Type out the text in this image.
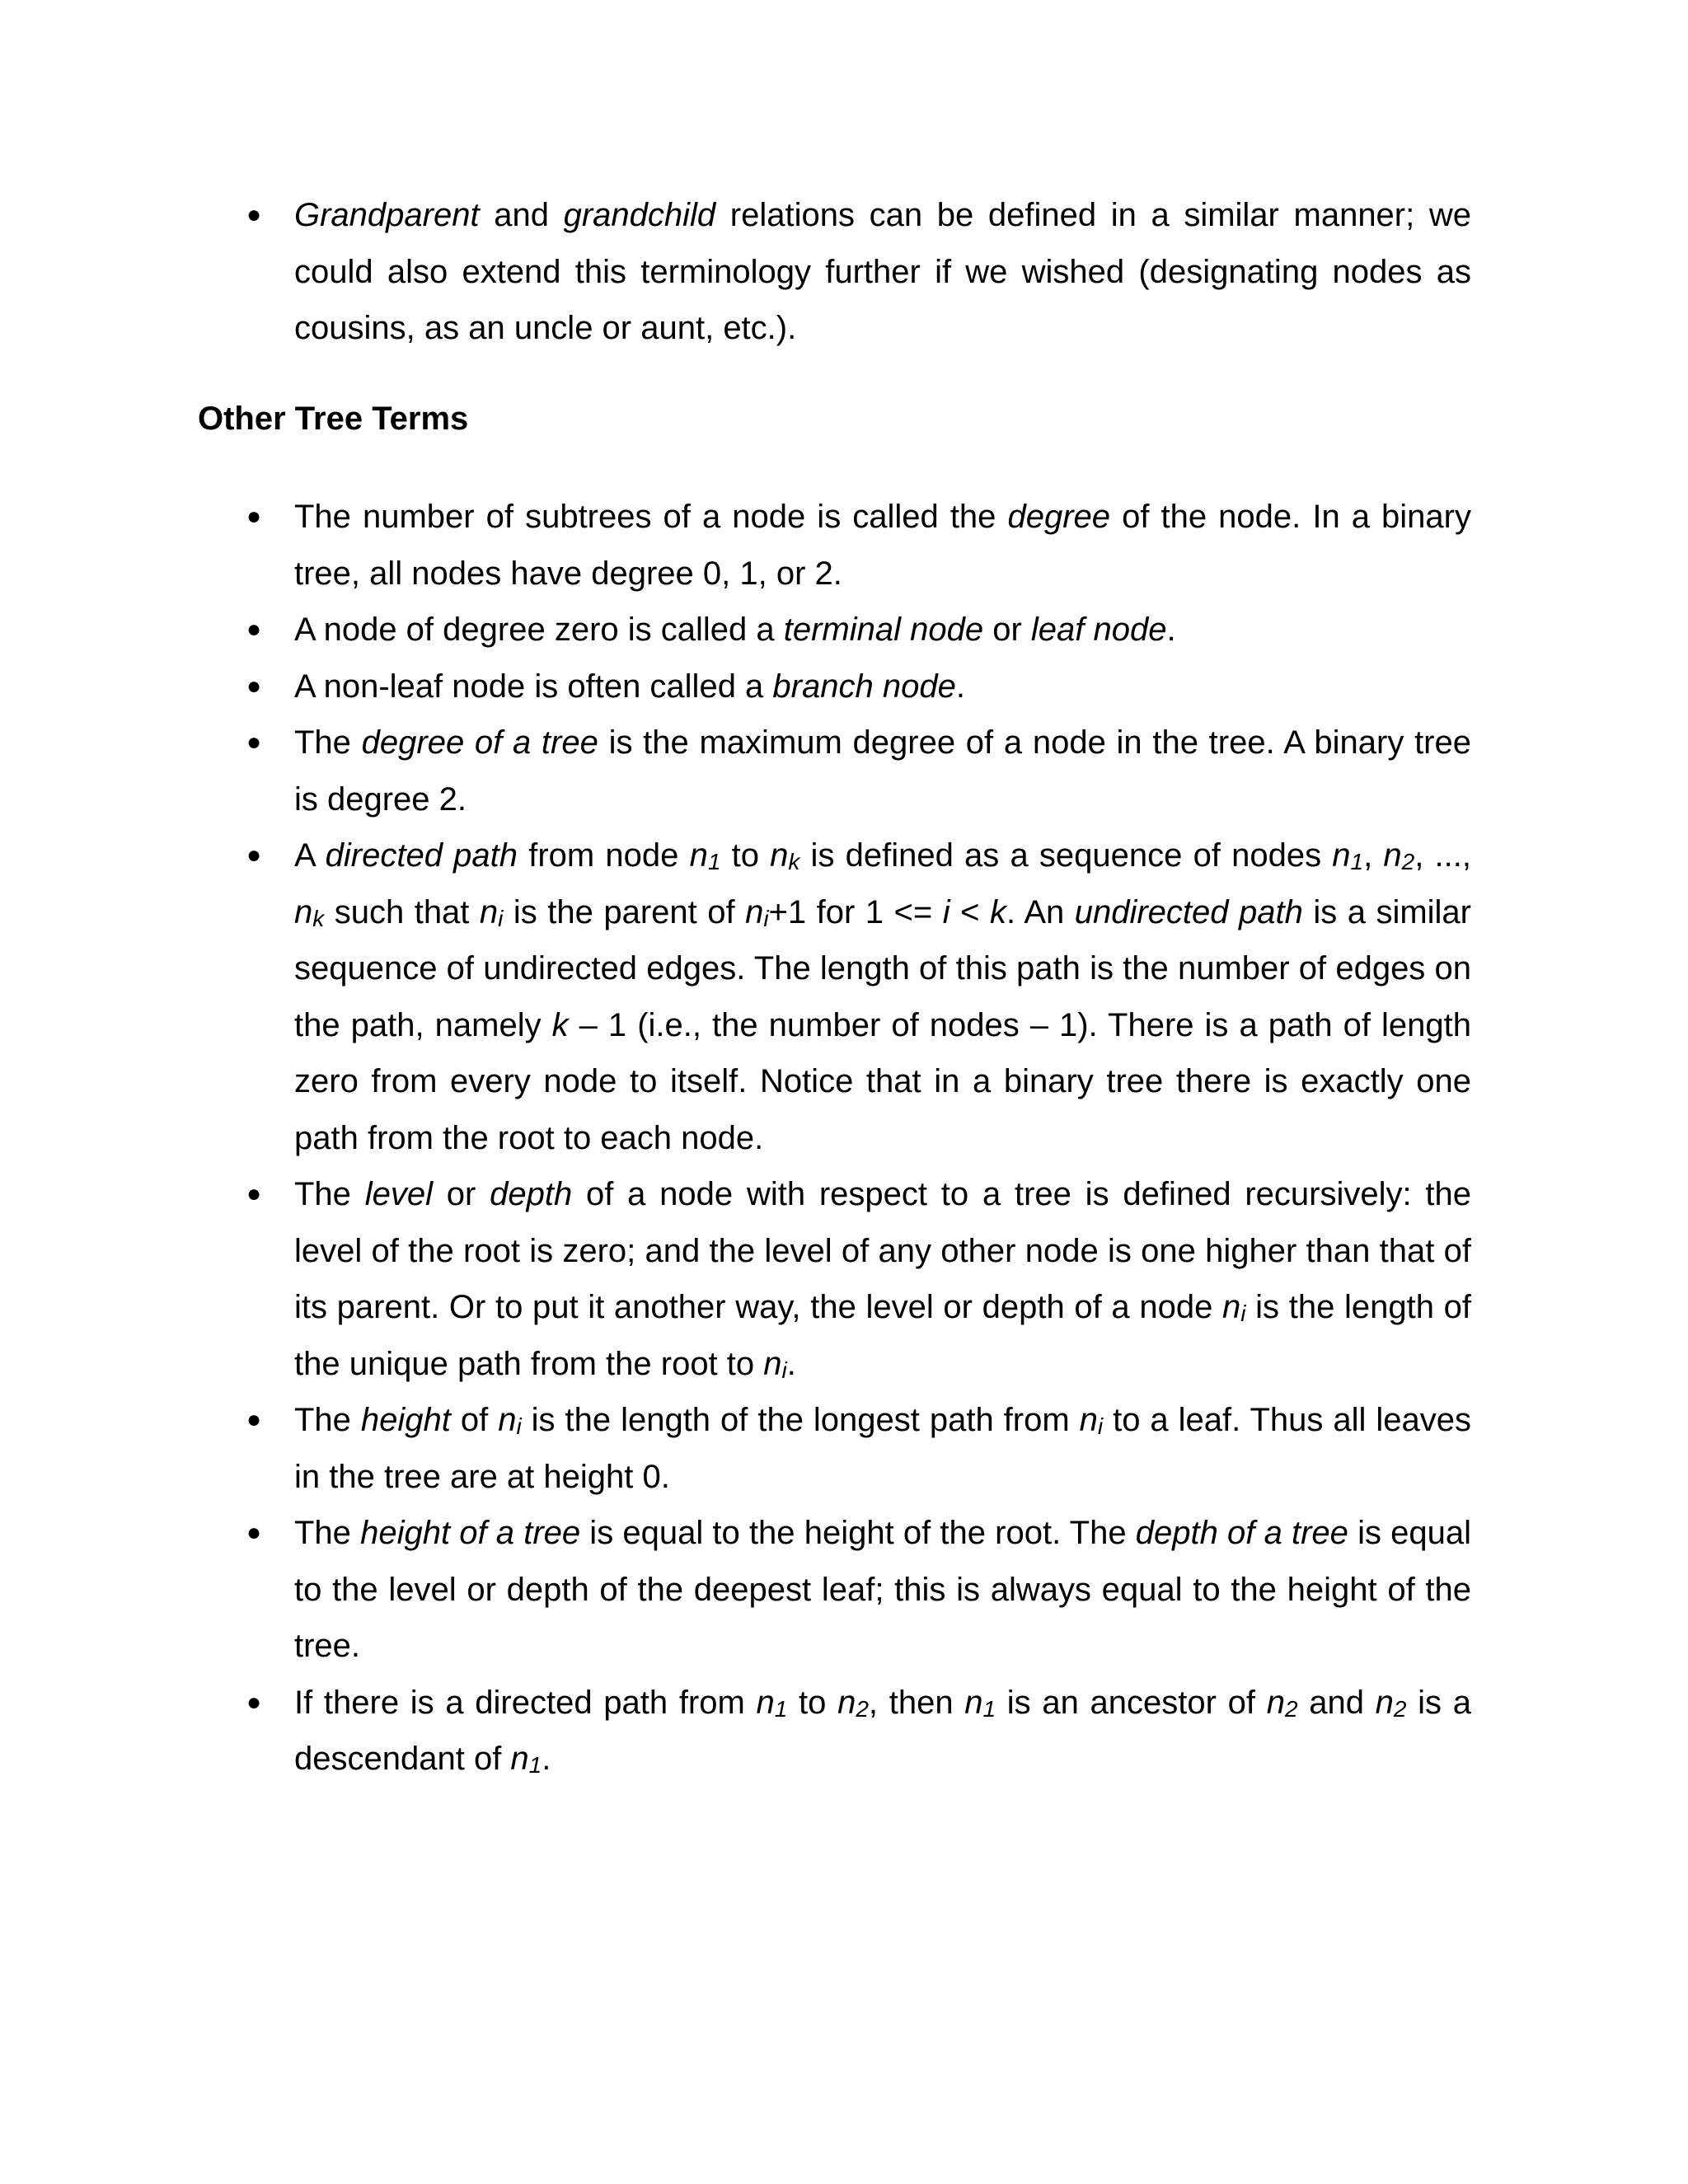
● Grandparent and grandchild relations can be defined in a similar manner; we could also extend this terminology further if we wished (designating nodes as cousins, as an uncle or aunt, etc.).
Other Tree Terms
● The number of subtrees of a node is called the degree of the node. In a binary tree, all nodes have degree 0, 1, or 2.
● A node of degree zero is called a terminal node or leaf node.
● A non-leaf node is often called a branch node.
● The degree of a tree is the maximum degree of a node in the tree. A binary tree is degree 2.
● A directed path from node $n_1$ to $n_k$ is defined as a sequence of nodes $n_1$, $n_2$, ..., $n_k$ such that $n_i$ is the parent of $n_i+1$ for 1 <= i < k. An undirected path is a similar sequence of undirected edges. The length of this path is the number of edges on the path, namely k – 1 (i.e., the number of nodes – 1). There is a path of length zero from every node to itself. Notice that in a binary tree there is exactly one path from the root to each node.
● The level or depth of a node with respect to a tree is defined recursively: the level of the root is zero; and the level of any other node is one higher than that of its parent. Or to put it another way, the level or depth of a node $n_i$ is the length of the unique path from the root to $n_i$.
● The height of $n_i$ is the length of the longest path from $n_i$ to a leaf. Thus all leaves in the tree are at height 0.
● The height of a tree is equal to the height of the root. The depth of a tree is equal to the level or depth of the deepest leaf; this is always equal to the height of the tree.
● If there is a directed path from $n_1$ to $n_2$, then $n_1$ is an ancestor of $n_2$ and $n_2$ is a descendant of $n_1$.
